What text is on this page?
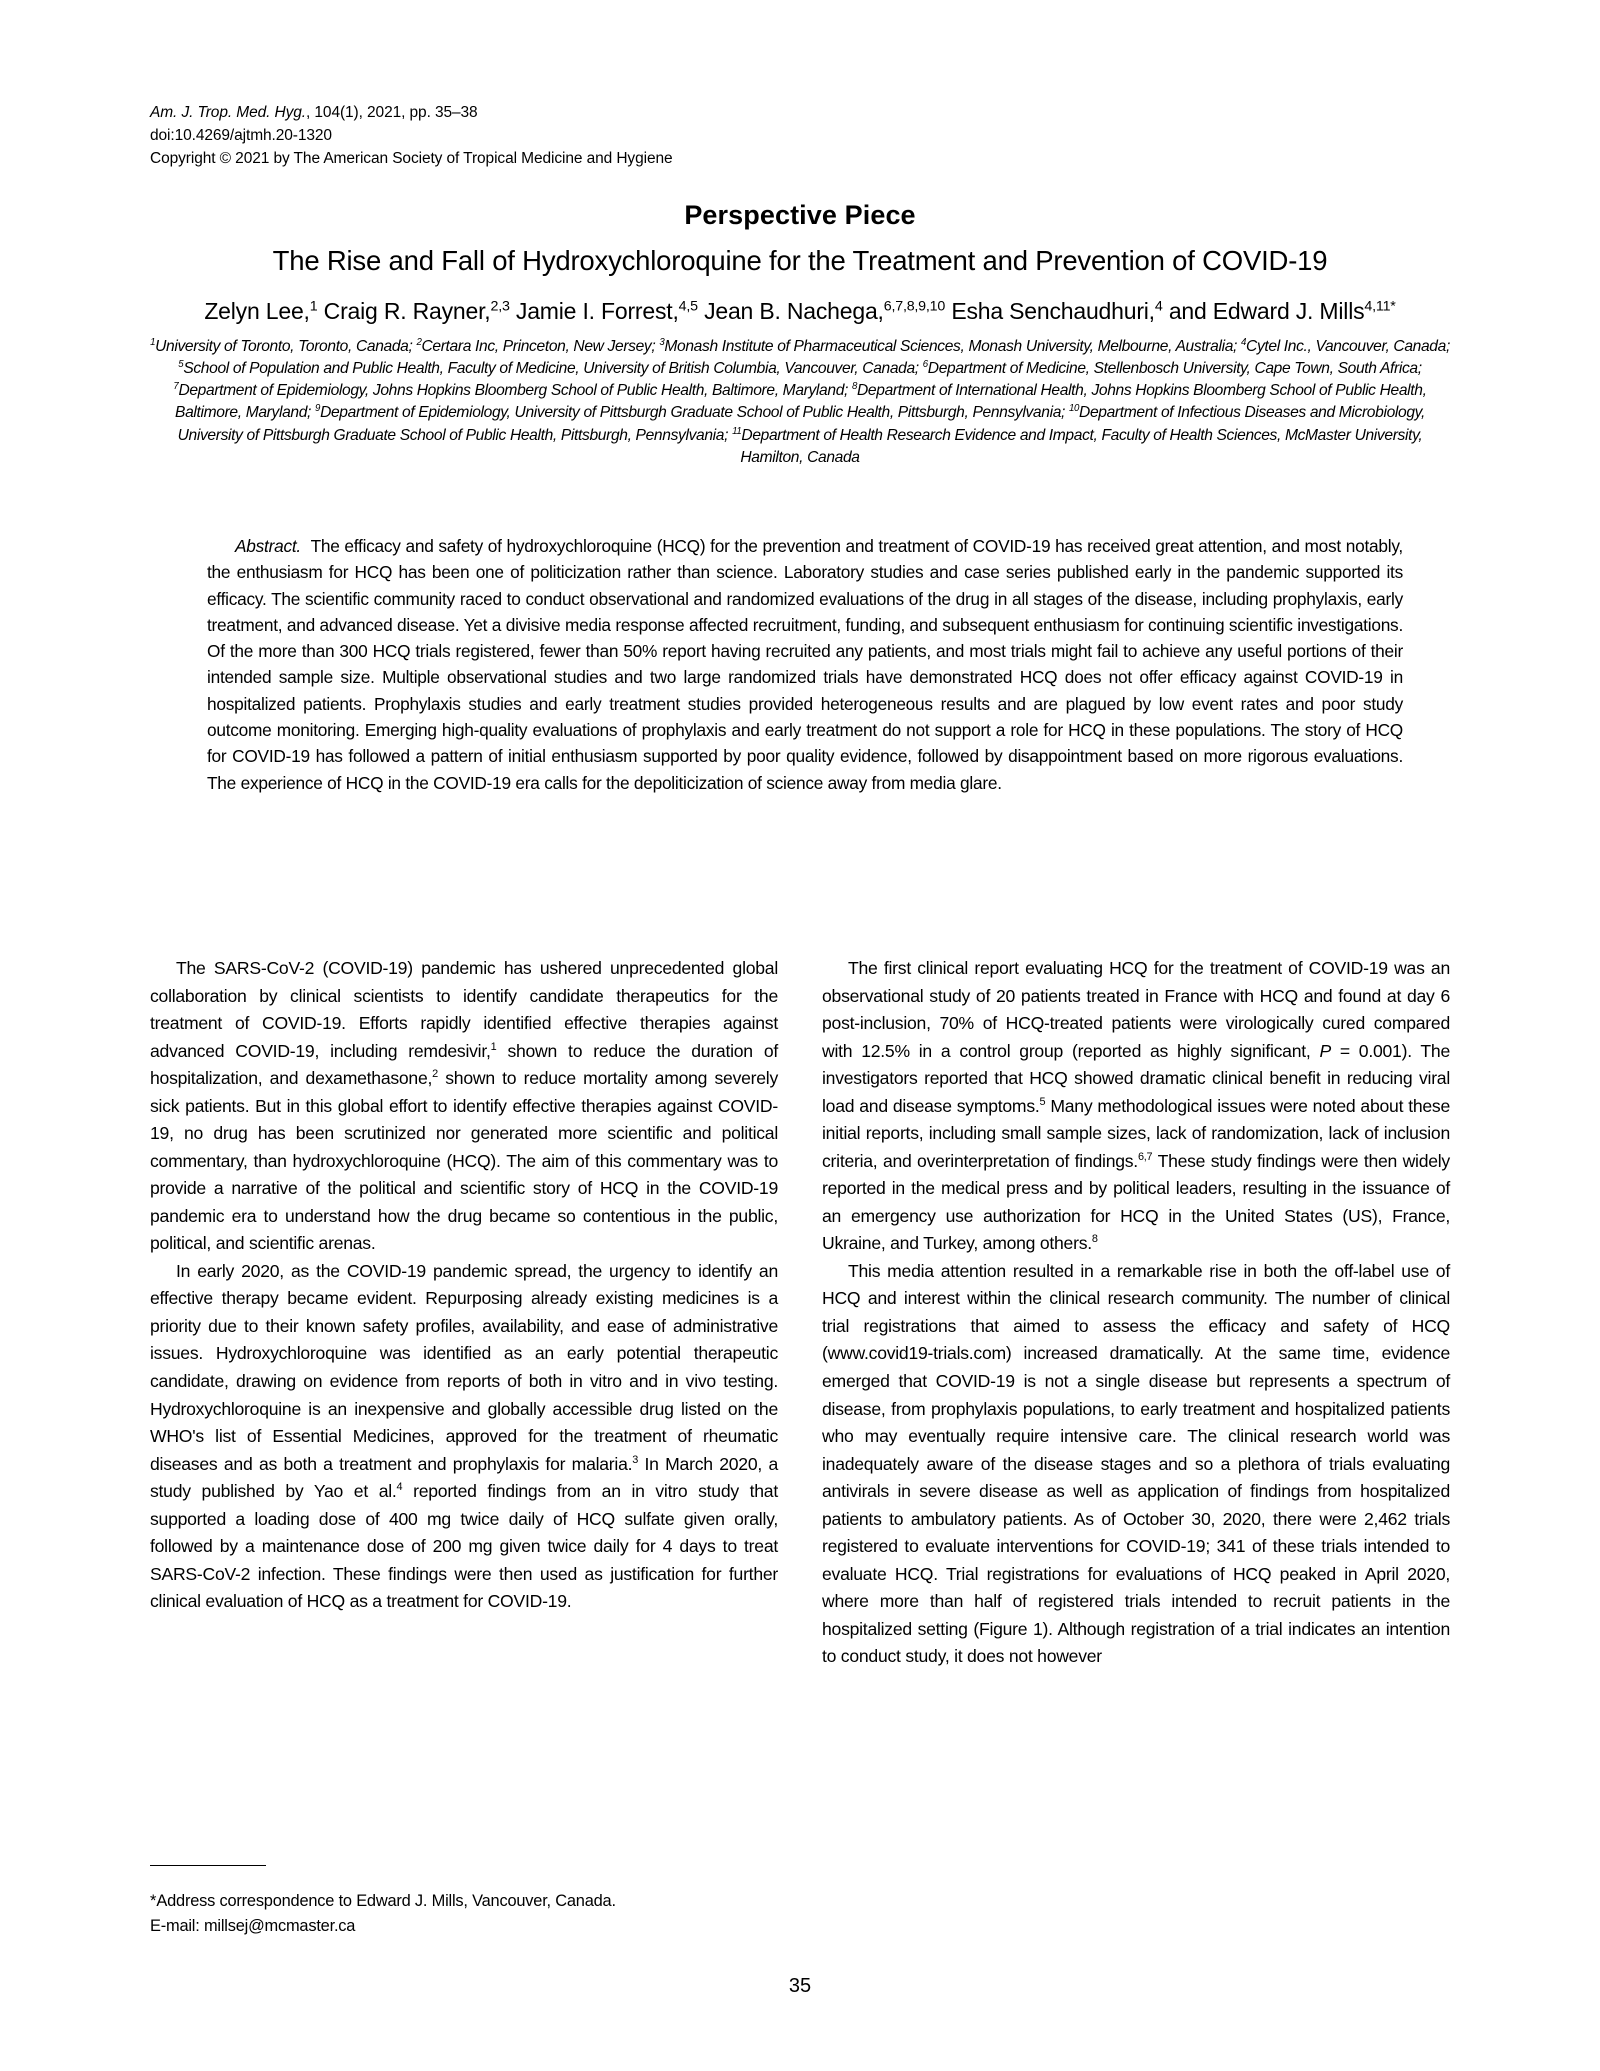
Am. J. Trop. Med. Hyg., 104(1), 2021, pp. 35–38
doi:10.4269/ajtmh.20-1320
Copyright © 2021 by The American Society of Tropical Medicine and Hygiene
Perspective Piece
The Rise and Fall of Hydroxychloroquine for the Treatment and Prevention of COVID-19
Zelyn Lee,$^1$ Craig R. Rayner,$^{2,3}$ Jamie I. Forrest,$^{4,5}$ Jean B. Nachega,$^{6,7,8,9,10}$ Esha Senchaudhuri,$^4$ and Edward J. Mills$^{4,11*}$
$^1$University of Toronto, Toronto, Canada; $^2$Certara Inc, Princeton, New Jersey; $^3$Monash Institute of Pharmaceutical Sciences, Monash University, Melbourne, Australia; $^4$Cytel Inc., Vancouver, Canada; $^5$School of Population and Public Health, Faculty of Medicine, University of British Columbia, Vancouver, Canada; $^6$Department of Medicine, Stellenbosch University, Cape Town, South Africa; $^7$Department of Epidemiology, Johns Hopkins Bloomberg School of Public Health, Baltimore, Maryland; $^8$Department of International Health, Johns Hopkins Bloomberg School of Public Health, Baltimore, Maryland; $^9$Department of Epidemiology, University of Pittsburgh Graduate School of Public Health, Pittsburgh, Pennsylvania; $^{10}$Department of Infectious Diseases and Microbiology, University of Pittsburgh Graduate School of Public Health, Pittsburgh, Pennsylvania; $^{11}$Department of Health Research Evidence and Impact, Faculty of Health Sciences, McMaster University, Hamilton, Canada
Abstract. The efficacy and safety of hydroxychloroquine (HCQ) for the prevention and treatment of COVID-19 has received great attention, and most notably, the enthusiasm for HCQ has been one of politicization rather than science. Laboratory studies and case series published early in the pandemic supported its efficacy. The scientific community raced to conduct observational and randomized evaluations of the drug in all stages of the disease, including prophylaxis, early treatment, and advanced disease. Yet a divisive media response affected recruitment, funding, and subsequent enthusiasm for continuing scientific investigations. Of the more than 300 HCQ trials registered, fewer than 50% report having recruited any patients, and most trials might fail to achieve any useful portions of their intended sample size. Multiple observational studies and two large randomized trials have demonstrated HCQ does not offer efficacy against COVID-19 in hospitalized patients. Prophylaxis studies and early treatment studies provided heterogeneous results and are plagued by low event rates and poor study outcome monitoring. Emerging high-quality evaluations of prophylaxis and early treatment do not support a role for HCQ in these populations. The story of HCQ for COVID-19 has followed a pattern of initial enthusiasm supported by poor quality evidence, followed by disappointment based on more rigorous evaluations. The experience of HCQ in the COVID-19 era calls for the depoliticization of science away from media glare.

The SARS-CoV-2 (COVID-19) pandemic has ushered unprecedented global collaboration by clinical scientists to identify candidate therapeutics for the treatment of COVID-19. Efforts rapidly identified effective therapies against advanced COVID-19, including remdesivir,$^1$ shown to reduce the duration of hospitalization, and dexamethasone,$^2$ shown to reduce mortality among severely sick patients. But in this global effort to identify effective therapies against COVID-19, no drug has been scrutinized nor generated more scientific and political commentary, than hydroxychloroquine (HCQ). The aim of this commentary was to provide a narrative of the political and scientific story of HCQ in the COVID-19 pandemic era to understand how the drug became so contentious in the public, political, and scientific arenas.

In early 2020, as the COVID-19 pandemic spread, the urgency to identify an effective therapy became evident. Repurposing already existing medicines is a priority due to their known safety profiles, availability, and ease of administrative issues. Hydroxychloroquine was identified as an early potential therapeutic candidate, drawing on evidence from reports of both in vitro and in vivo testing. Hydroxychloroquine is an inexpensive and globally accessible drug listed on the WHO's list of Essential Medicines, approved for the treatment of rheumatic diseases and as both a treatment and prophylaxis for malaria.$^3$ In March 2020, a study published by Yao et al.$^4$ reported findings from an in vitro study that supported a loading dose of 400 mg twice daily of HCQ sulfate given orally, followed by a maintenance dose of 200 mg given twice daily for 4 days to treat SARS-CoV-2 infection. These findings were then used as justification for further clinical evaluation of HCQ as a treatment for COVID-19.

The first clinical report evaluating HCQ for the treatment of COVID-19 was an observational study of 20 patients treated in France with HCQ and found at day 6 post-inclusion, 70% of HCQ-treated patients were virologically cured compared with 12.5% in a control group (reported as highly significant, P = 0.001). The investigators reported that HCQ showed dramatic clinical benefit in reducing viral load and disease symptoms.$^5$ Many methodological issues were noted about these initial reports, including small sample sizes, lack of randomization, lack of inclusion criteria, and overinterpretation of findings.$^{6,7}$ These study findings were then widely reported in the medical press and by political leaders, resulting in the issuance of an emergency use authorization for HCQ in the United States (US), France, Ukraine, and Turkey, among others.$^8$

This media attention resulted in a remarkable rise in both the off-label use of HCQ and interest within the clinical research community. The number of clinical trial registrations that aimed to assess the efficacy and safety of HCQ (www.covid19-trials.com) increased dramatically. At the same time, evidence emerged that COVID-19 is not a single disease but represents a spectrum of disease, from prophylaxis populations, to early treatment and hospitalized patients who may eventually require intensive care. The clinical research world was inadequately aware of the disease stages and so a plethora of trials evaluating antivirals in severe disease as well as application of findings from hospitalized patients to ambulatory patients. As of October 30, 2020, there were 2,462 trials registered to evaluate interventions for COVID-19; 341 of these trials intended to evaluate HCQ. Trial registrations for evaluations of HCQ peaked in April 2020, where more than half of registered trials intended to recruit patients in the hospitalized setting (Figure 1). Although registration of a trial indicates an intention to conduct study, it does not however

*Address correspondence to Edward J. Mills, Vancouver, Canada.
E-mail: millsej@mcmaster.ca
35
